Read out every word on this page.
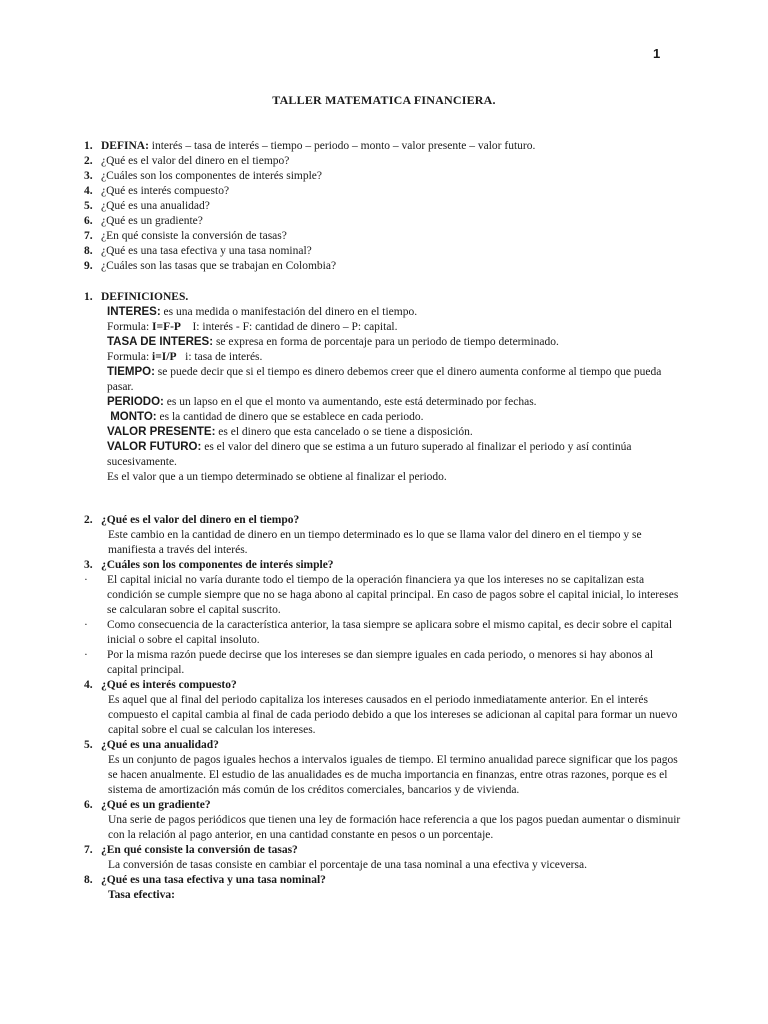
1
TALLER MATEMATICA FINANCIERA.
1. DEFINA: interés – tasa de interés – tiempo – periodo – monto – valor presente – valor futuro.
2. ¿Qué es el valor del dinero en el tiempo?
3. ¿Cuáles son los componentes de interés simple?
4. ¿Qué es interés compuesto?
5. ¿Qué es una anualidad?
6. ¿Qué es un gradiente?
7. ¿En qué consiste la conversión de tasas?
8. ¿Qué es una tasa efectiva y una tasa nominal?
9. ¿Cuáles son las tasas que se trabajan en Colombia?
1. DEFINICIONES.
INTERES: es una medida o manifestación del dinero en el tiempo.
Formula: I=F-P    I: interés - F: cantidad de dinero – P: capital.
TASA DE INTERES: se expresa en forma de porcentaje para un periodo de tiempo determinado.
Formula: i=I/P   i: tasa de interés.
TIEMPO: se puede decir que si el tiempo es dinero debemos creer que el dinero aumenta conforme al tiempo que pueda pasar.
PERIODO: es un lapso en el que el monto va aumentando, este está determinado por fechas.
MONTO: es la cantidad de dinero que se establece en cada periodo.
VALOR PRESENTE: es el dinero que esta cancelado o se tiene a disposición.
VALOR FUTURO: es el valor del dinero que se estima a un futuro superado al finalizar el periodo y así continúa sucesivamente.
Es el valor que a un tiempo determinado se obtiene al finalizar el periodo.
2. ¿Qué es el valor del dinero en el tiempo?
Este cambio en la cantidad de dinero en un tiempo determinado es lo que se llama valor del dinero en el tiempo y se manifiesta a través del interés.
3. ¿Cuáles son los componentes de interés simple?
· El capital inicial no varía durante todo el tiempo de la operación financiera ya que los intereses no se capitalizan esta condición se cumple siempre que no se haga abono al capital principal. En caso de pagos sobre el capital inicial, lo intereses se calcularan sobre el capital suscrito.
· Como consecuencia de la característica anterior, la tasa siempre se aplicara sobre el mismo capital, es decir sobre el capital inicial o sobre el capital insoluto.
· Por la misma razón puede decirse que los intereses se dan siempre iguales en cada periodo, o menores si hay abonos al capital principal.
4. ¿Qué es interés compuesto?
Es aquel que al final del periodo capitaliza los intereses causados en el periodo inmediatamente anterior. En el interés compuesto el capital cambia al final de cada periodo debido a que los intereses se adicionan al capital para formar un nuevo capital sobre el cual se calculan los intereses.
5. ¿Qué es una anualidad?
Es un conjunto de pagos iguales hechos a intervalos iguales de tiempo. El termino anualidad parece significar que los pagos se hacen anualmente. El estudio de las anualidades es de mucha importancia en finanzas, entre otras razones, porque es el sistema de amortización más común de los créditos comerciales, bancarios y de vivienda.
6. ¿Qué es un gradiente?
Una serie de pagos periódicos que tienen una ley de formación hace referencia a que los pagos puedan aumentar o disminuir con la relación al pago anterior, en una cantidad constante en pesos o un porcentaje.
7. ¿En qué consiste la conversión de tasas?
La conversión de tasas consiste en cambiar el porcentaje de una tasa nominal a una efectiva y viceversa.
8. ¿Qué es una tasa efectiva y una tasa nominal?
Tasa efectiva:
